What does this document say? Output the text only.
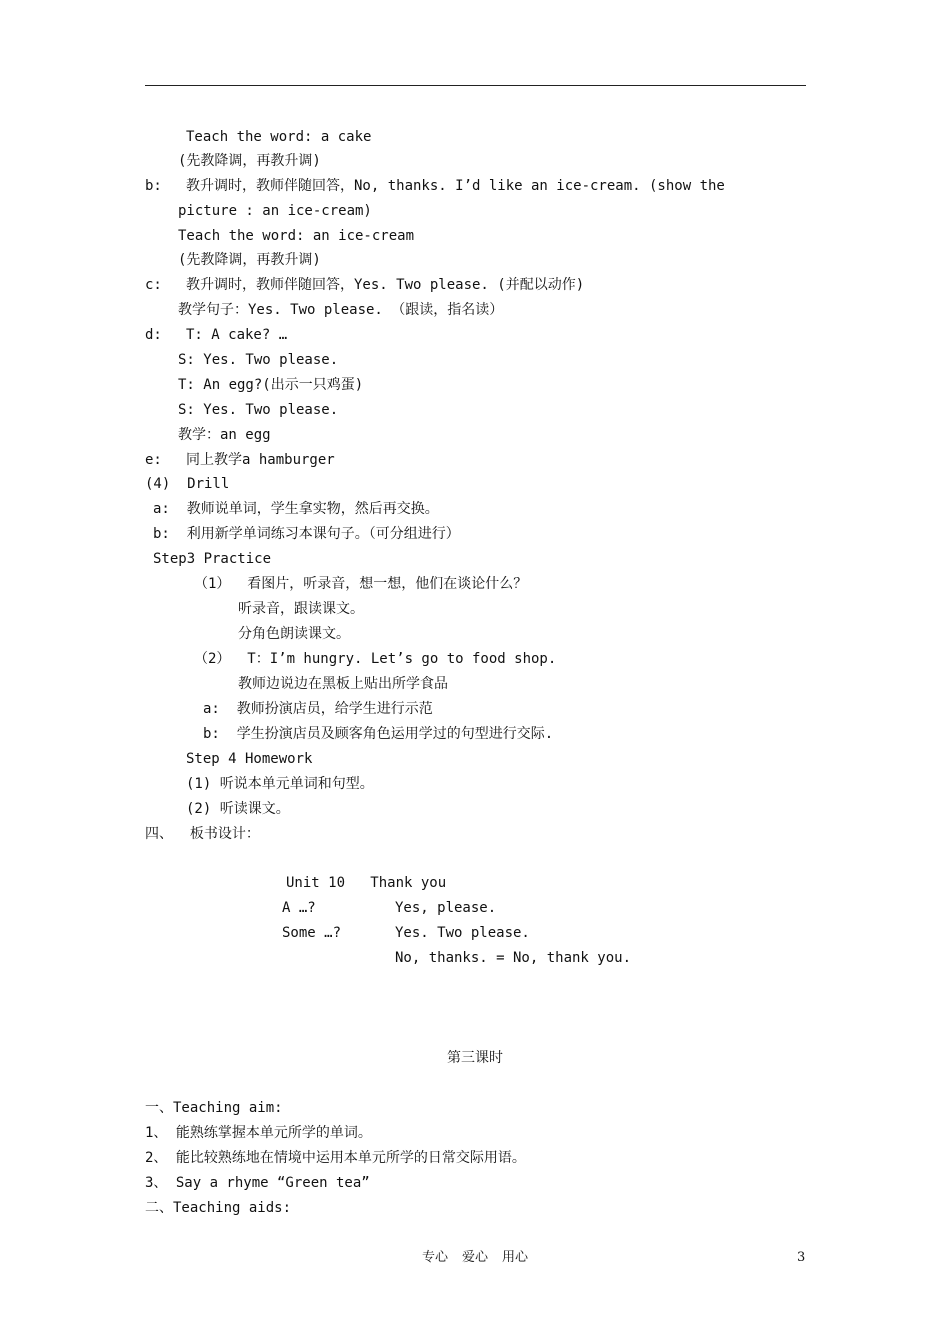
Teach the word: a cake
(先教降调，再教升调)
b: 教升调时，教师伴随回答，No, thanks. I’d like an ice-cream. (show the
picture : an ice-cream)
Teach the word: an ice-cream
(先教降调，再教升调)
c: 教升调时，教师伴随回答，Yes. Two please. (并配以动作)
教学句子：Yes. Two please. （跟读，指名读）
d: T: A cake? …
S: Yes. Two please.
T: An egg?(出示一只鸡蛋)
S: Yes. Two please.
教学：an egg
e: 同上教学a hamburger
(4)  Drill
a:  教师说单词，学生拿实物，然后再交换。
b:  利用新学单词练习本课句子。（可分组进行）
Step3 Practice
（1）  看图片，听录音，想一想，他们在谈论什么？
听录音，跟读课文。
分角色朗读课文。
（2）  T：I’m hungry. Let’s go to food shop.
教师边说边在黑板上贴出所学食品
a:  教师扮演店员，给学生进行示范
b:  学生扮演店员及顾客角色运用学过的句型进行交际.
Step 4 Homework
(1) 听说本单元单词和句型。
(2) 听读课文。
四、  板书设计：
Unit 10   Thank you
A …?	Yes, please.
Some …?	Yes. Two please.
No, thanks. = No, thank you.
一、Teaching aim:
1、 能熟练掌握本单元所学的单词。
2、 能比较熟练地在情境中运用本单元所学的日常交际用语。
3、 Say a rhyme “Green tea”
二、Teaching aids:
第三课时
专心 爱心 用心	3
